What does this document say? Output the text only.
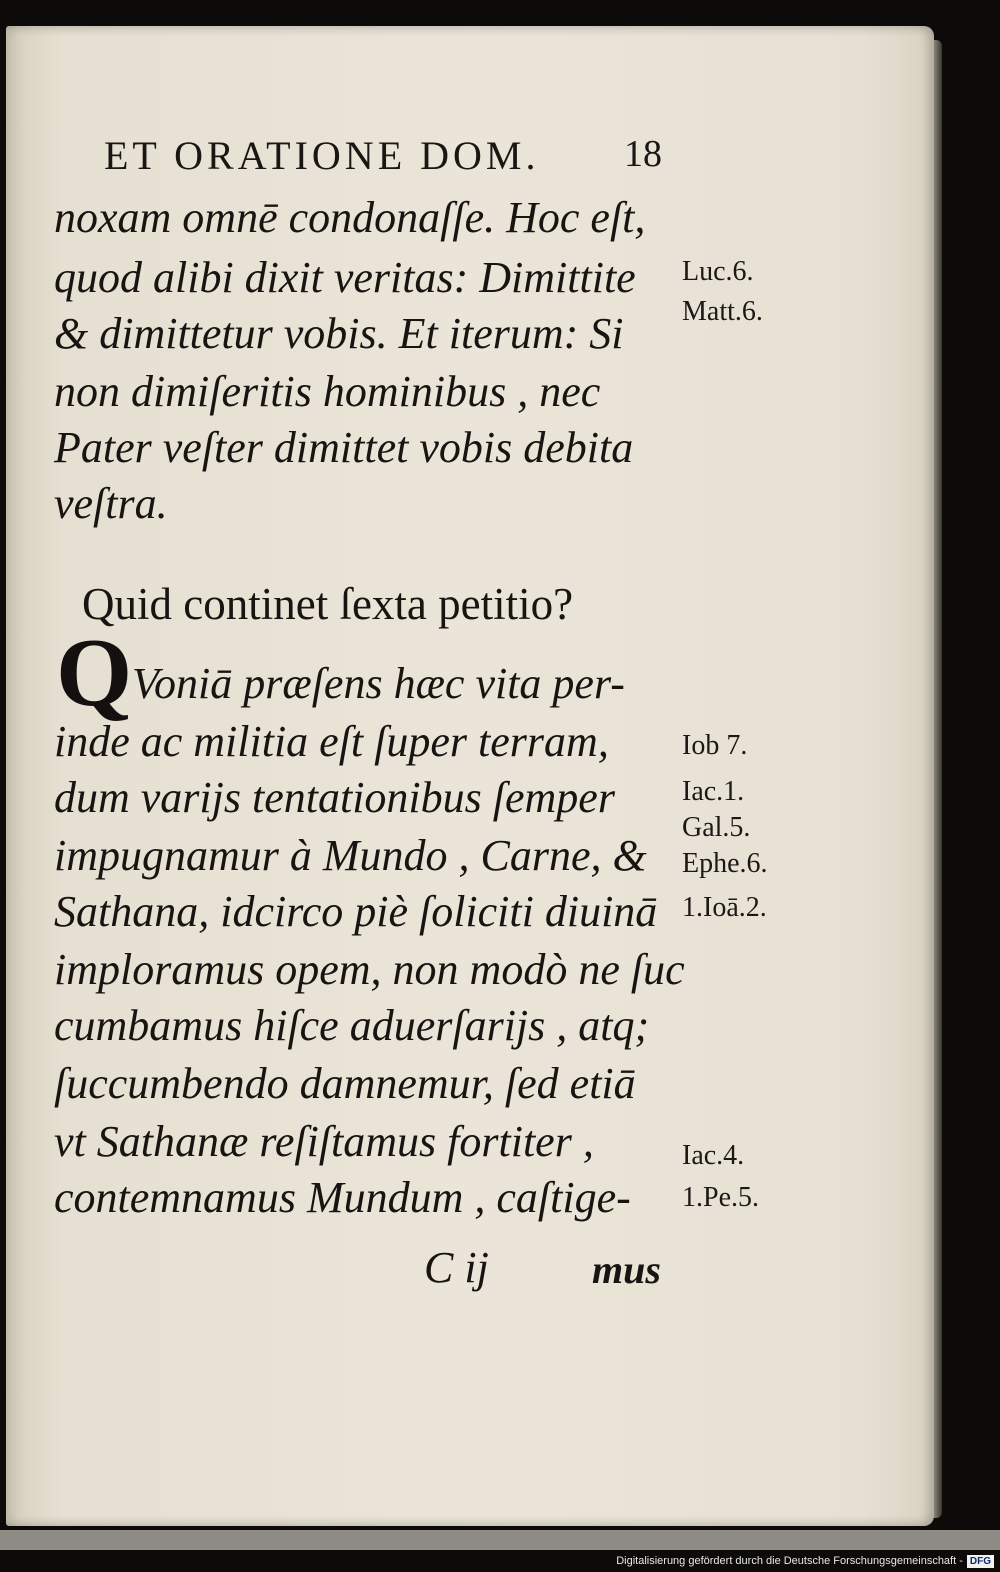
ET ORATIONE DOM.	18
noxam omnē condonaſſe. Hoc eſt,
quod alibi dixit veritas: Dimittite
& dimittetur vobis. Et iterum: Si
non dimiſeritis hominibus , nec
Pater veſter dimittet vobis debita
veſtra.
Quid continet ſexta petitio?
Q Voniā præſens hæc vita per-
inde ac militia eſt ſuper terram,
dum varijs tentationibus ſemper
impugnamur à Mundo , Carne, &
Sathana, idcirco piè ſoliciti diuinā
imploramus opem, non modò ne ſuc
cumbamus hiſce aduerſarijs , atq;
ſuccumbendo damnemur, ſed etiā
vt Sathanæ reſiſtamus fortiter ,
contemnamus Mundum , caſtige-
Luc.6.
Matt.6.
Iob 7.
Iac.1.
Gal.5.
Ephe.6.
1.Ioā.2.
Iac.4.
1.Pe.5.
C ij	mus
Digitalisierung gefördert durch die Deutsche Forschungsgemeinschaft - DFG
